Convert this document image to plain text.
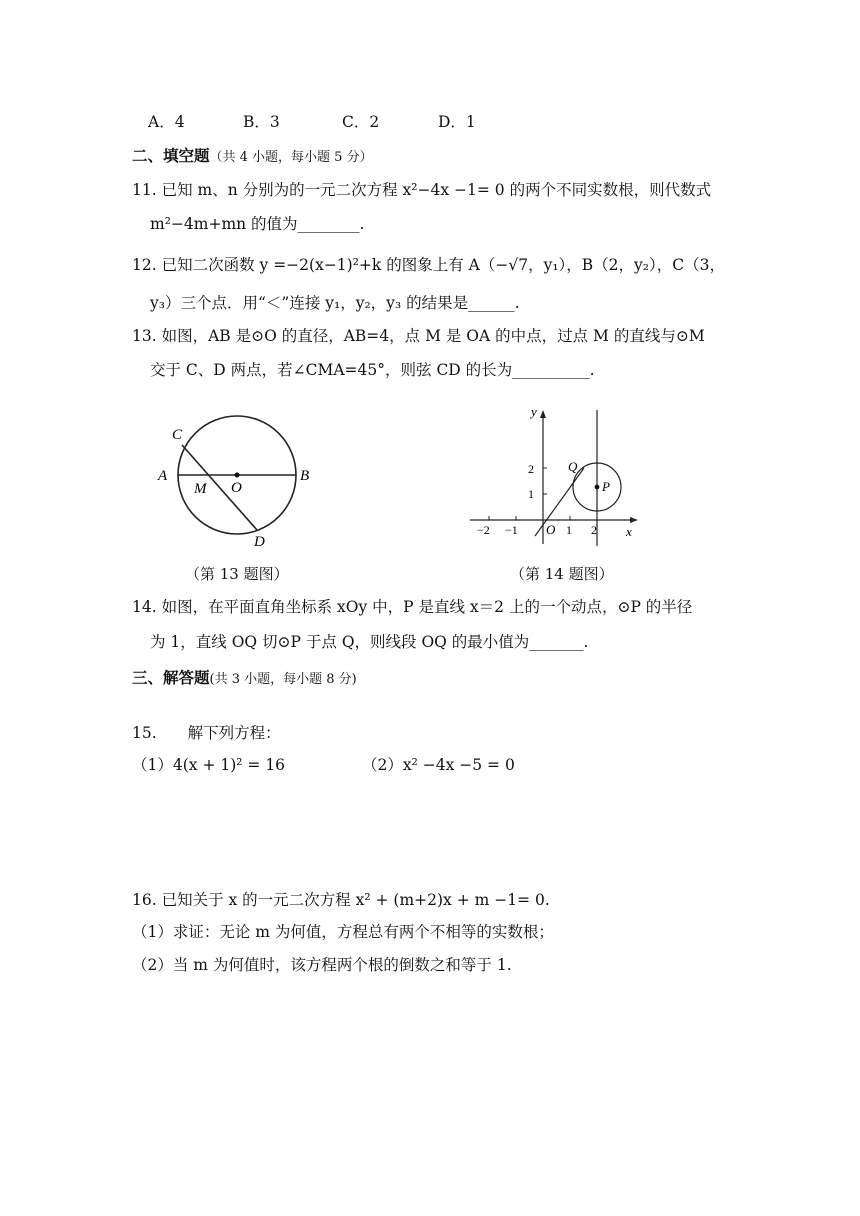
A．4	B．3	C．2	D．1
二、填空题（共 4 小题，每小题 5 分）
11. 已知 m、n 分别为的一元二次方程 x²−4x −1= 0 的两个不同实数根，则代数式
m²−4m+mn 的值为________.
12. 已知二次函数 y =−2(x−1)²+k 的图象上有 A（−√7，y₁），B（2，y₂），C（3，
y₃）三个点．用“＜”连接 y₁，y₂，y₃ 的结果是______.
13. 如图，AB 是⊙O 的直径，AB=4，点 M 是 OA 的中点，过点 M 的直线与⊙M
交于 C、D 两点，若∠CMA=45°，则弦 CD 的长为__________.
C
A
M O
B
D
（第 13 题图）
y
x
O
P
Q
2
1
−2 −1	1 2
（第 14 题图）
14. 如图，在平面直角坐标系 xOy 中，P 是直线 x＝2 上的一个动点，⊙P 的半径
为 1，直线 OQ 切⊙P 于点 Q，则线段 OQ 的最小值为_______.
三、解答题(共 3 小题，每小题 8 分)
15.　　解下列方程：
（1）4(x + 1)² = 16	（2）x² −4x −5 = 0
16. 已知关于 x 的一元二次方程 x² + (m+2)x + m −1= 0.
（1）求证：无论 m 为何值，方程总有两个不相等的实数根；
（2）当 m 为何值时，该方程两个根的倒数之和等于 1.
